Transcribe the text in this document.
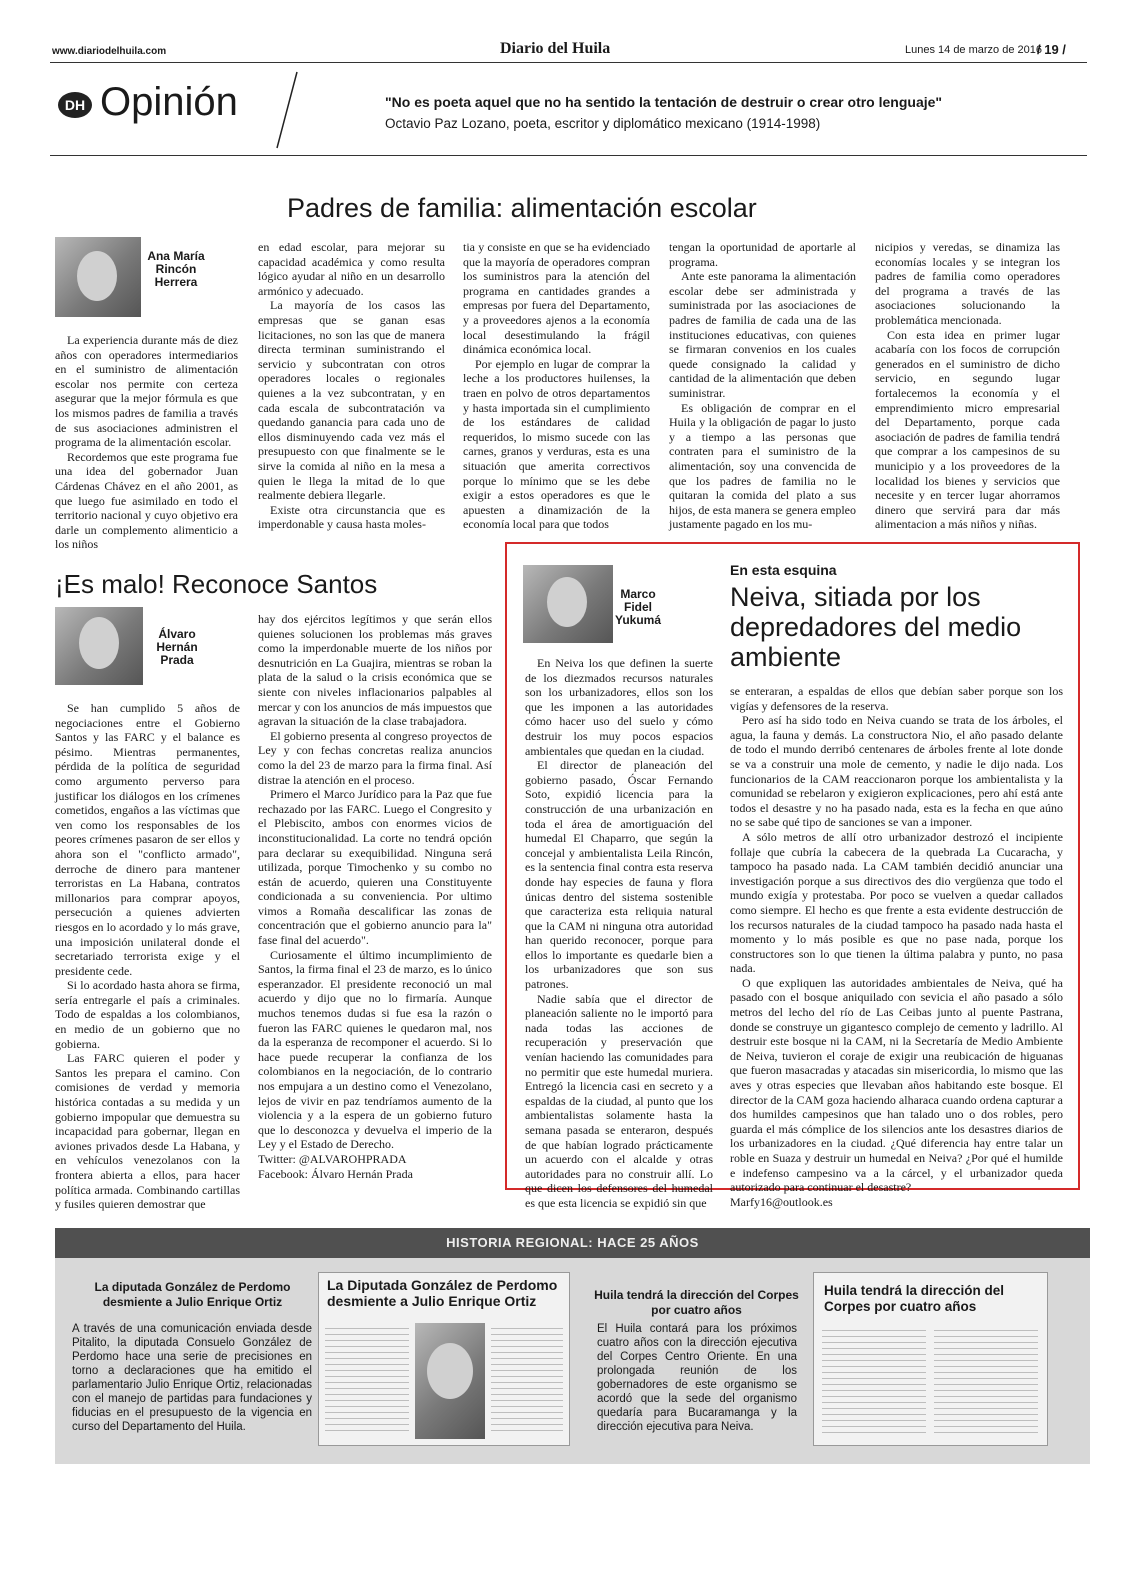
www.diariodelhuila.com	Diario del Huila	Lunes 14 de marzo de 2016
/ 19 /
DH Opinión	"No es poeta aquel que no ha sentido la tentación de destruir o crear otro lenguaje"
Octavio Paz Lozano, poeta, escritor y diplomático mexicano (1914-1998)
Padres de familia: alimentación escolar
Ana María Rincón Herrera

La experiencia durante más de diez años con operadores intermediarios en el suministro de alimentación escolar nos permite con certeza asegurar que la mejor fórmula es que los mismos padres de familia a través de sus asociaciones administren el programa de la alimentación escolar.

Recordemos que este programa fue una idea del gobernador Juan Cárdenas Chávez en el año 2001, as que luego fue asimilado en todo el territorio nacional y cuyo objetivo era darle un complemento alimenticio a los niños

en edad escolar, para mejorar su capacidad académica y como resulta lógico ayudar al niño en un desarrollo armónico y adecuado.

La mayoría de los casos las empresas que se ganan esas licitaciones, no son las que de manera directa terminan suministrando el servicio y subcontratan con otros operadores locales o regionales quienes a la vez subcontratan, y en cada escala de subcontratación va quedando ganancia para cada uno de ellos disminuyendo cada vez más el presupuesto con que finalmente se le sirve la comida al niño en la mesa a quien le llega la mitad de lo que realmente debiera llegarle.

Existe otra circunstancia que es imperdonable y causa hasta moles-

tia y consiste en que se ha evidenciado que la mayoría de operadores compran los suministros para la atención del programa en cantidades grandes a empresas por fuera del Departamento, y a proveedores ajenos a la economía local desestimulando la frágil dinámica económica local.

Por ejemplo en lugar de comprar la leche a los productores huilenses, la traen en polvo de otros departamentos y hasta importada sin el cumplimiento de los estándares de calidad requeridos, lo mismo sucede con las carnes, granos y verduras, esta es una situación que amerita correctivos porque lo mínimo que se les debe exigir a estos operadores es que le apuesten a dinamización de la economía local para que todos

tengan la oportunidad de aportarle al programa.

Ante este panorama la alimentación escolar debe ser administrada y suministrada por las asociaciones de padres de familia de cada una de las instituciones educativas, con quienes se firmaran convenios en los cuales quede consignado la calidad y cantidad de la alimentación que deben suministrar.

Es obligación de comprar en el Huila y la obligación de pagar lo justo y a tiempo a las personas que contraten para el suministro de la alimentación, soy una convencida de que los padres de familia no le quitaran la comida del plato a sus hijos, de esta manera se genera empleo justamente pagado en los mu-

nicipios y veredas, se dinamiza las economías locales y se integran los padres de familia como operadores del programa a través de las asociaciones solucionando la problemática mencionada.

Con esta idea en primer lugar acabaría con los focos de corrupción generados en el suministro de dicho servicio, en segundo lugar fortalecemos la economía y el emprendimiento micro empresarial del Departamento, porque cada asociación de padres de familia tendrá que comprar a los campesinos de su municipio y a los proveedores de la localidad los bienes y servicios que necesite y en tercer lugar ahorramos dinero que servirá para dar más alimentacion a más niños y niñas.

¡Es malo! Reconoce Santos
Álvaro Hernán Prada

Se han cumplido 5 años de negociaciones entre el Gobierno Santos y las FARC y el balance es pésimo. Mientras permanentes, pérdida de la política de seguridad como argumento perverso para justificar los diálogos en los crímenes cometidos, engaños a las víctimas que ven como los responsables de los peores crímenes pasaron de ser ellos y ahora son el "conflicto armado", derroche de dinero para mantener terroristas en La Habana, contratos millonarios para comprar apoyos, persecución a quienes advierten riesgos en lo acordado y lo más grave, una imposición unilateral donde el secretariado terrorista exige y el presidente cede.

Si lo acordado hasta ahora se firma, sería entregarle el país a criminales. Todo de espaldas a los colombianos, en medio de un gobierno que no gobierna.

Las FARC quieren el poder y Santos les prepara el camino. Con comisiones de verdad y memoria histórica contadas a su medida y un gobierno impopular que demuestra su incapacidad para gobernar, llegan en aviones privados desde La Habana, y en vehículos venezolanos con la frontera abierta a ellos, para hacer política armada. Combinando cartillas y fusiles quieren demostrar que

hay dos ejércitos legítimos y que serán ellos quienes solucionen los problemas más graves como la imperdonable muerte de los niños por desnutrición en La Guajira, mientras se roban la plata de la salud o la crisis económica que se siente con niveles inflacionarios palpables al mercar y con los anuncios de más impuestos que agravan la situación de la clase trabajadora.

El gobierno presenta al congreso proyectos de Ley y con fechas concretas realiza anuncios como la del 23 de marzo para la firma final. Así distrae la atención en el proceso.

Primero el Marco Jurídico para la Paz que fue rechazado por las FARC. Luego el Congresito y el Plebiscito, ambos con enormes vicios de inconstitucionalidad. La corte no tendrá opción para declarar su exequibilidad. Ninguna será utilizada, porque Timochenko y su combo no están de acuerdo, quieren una Constituyente condicionada a su conveniencia. Por ultimo vimos a Romaña descalificar las zonas de concentración que el gobierno anuncio para la" fase final del acuerdo".

Curiosamente el último incumplimiento de Santos, la firma final el 23 de marzo, es lo único esperanzador. El presidente reconoció un mal acuerdo y dijo que no lo firmaría. Aunque muchos tenemos dudas si fue esa la razón o fueron las FARC quienes le quedaron mal, nos da la esperanza de recomponer el acuerdo. Si lo hace puede recuperar la confianza de los colombianos en la negociación, de lo contrario nos empujara a un destino como el Venezolano, lejos de vivir en paz tendríamos aumento de la violencia y a la espera de un gobierno futuro que lo desconozca y devuelva el imperio de la Ley y el Estado de Derecho.

Twitter: @ALVAROHPRADA

Facebook: Álvaro Hernán Prada

Marco Fidel Yukumá
En esta esquina
Neiva, sitiada por los depredadores del medio ambiente

En Neiva los que definen la suerte de los diezmados recursos naturales son los urbanizadores, ellos son los que les imponen a las autoridades cómo hacer uso del suelo y cómo destruir los muy pocos espacios ambientales que quedan en la ciudad.

El director de planeación del gobierno pasado, Óscar Fernando Soto, expidió licencia para la construcción de una urbanización en toda el área de amortiguación del humedal El Chaparro, que según la concejal y ambientalista Leila Rincón, es la sentencia final contra esta reserva donde hay especies de fauna y flora únicas dentro del sistema sostenible que caracteriza esta reliquia natural que la CAM ni ninguna otra autoridad han querido reconocer, porque para ellos lo importante es quedarle bien a los urbanizadores que son sus patrones.

Nadie sabía que el director de planeación saliente no le importó para nada todas las acciones de recuperación y preservación que venían haciendo las comunidades para no permitir que este humedal muriera. Entregó la licencia casi en secreto y a espaldas de la ciudad, al punto que los ambientalistas solamente hasta la semana pasada se enteraron, después de que habían logrado prácticamente un acuerdo con el alcalde y otras autoridades para no construir allí. Lo que dicen los defensores del humedal es que esta licencia se expidió sin que

se enteraran, a espaldas de ellos que debían saber porque son los vigías y defensores de la reserva.

Pero así ha sido todo en Neiva cuando se trata de los árboles, el agua, la fauna y demás. La constructora Nio, el año pasado delante de todo el mundo derribó centenares de árboles frente al lote donde se va a construir una mole de cemento, y nadie le dijo nada. Los funcionarios de la CAM reaccionaron porque los ambientalista y la comunidad se rebelaron y exigieron explicaciones, pero ahí está ante todos el desastre y no ha pasado nada, esta es la fecha en que aúno no se sabe qué tipo de sanciones se van a imponer.

A sólo metros de allí otro urbanizador destrozó el incipiente follaje que cubría la cabecera de la quebrada La Cucaracha, y tampoco ha pasado nada. La CAM también decidió anunciar una investigación porque a sus directivos des dio vergüenza que todo el mundo exigía y protestaba. Por poco se vuelven a quedar callados como siempre. El hecho es que frente a esta evidente destrucción de los recursos naturales de la ciudad tampoco ha pasado nada hasta el momento y lo más posible es que no pase nada, porque los constructores son lo que tienen la última palabra y punto, no pasa nada.

O que expliquen las autoridades ambientales de Neiva, qué ha pasado con el bosque aniquilado con sevicia el año pasado a sólo metros del lecho del río de Las Ceibas junto al puente Pastrana, donde se construye un gigantesco complejo de cemento y ladrillo. Al destruir este bosque ni la CAM, ni la Secretaría de Medio Ambiente de Neiva, tuvieron el coraje de exigir una reubicación de higuanas que fueron masacradas y atacadas sin misericordia, lo mismo que las aves y otras especies que llevaban años habitando este bosque. El director de la CAM goza haciendo alharaca cuando ordena capturar a dos humildes campesinos que han talado uno o dos robles, pero guarda el más cómplice de los silencios ante los desastres diarios de los urbanizadores en la ciudad. ¿Qué diferencia hay entre talar un roble en Suaza y destruir un humedal en Neiva? ¿Por qué el humilde e indefenso campesino va a la cárcel, y el urbanizador queda autorizado para continuar el desastre?

Marfy16@outlook.es

HISTORIA REGIONAL: HACE 25 AÑOS
La diputada González de Perdomo desmiente a Julio Enrique Ortiz
A través de una comunicación enviada desde Pitalito, la diputada Consuelo González de Perdomo hace una serie de precisiones en torno a declaraciones que ha emitido el parlamentario Julio Enrique Ortiz, relacionadas con el manejo de partidas para fundaciones y fiducias en el presupuesto de la vigencia en curso del Departamento del Huila.
La Diputada González de Perdomo desmiente a Julio Enrique Ortiz	Huila tendrá la dirección del Corpes por cuatro años
El Huila contará para los próximos cuatro años con la dirección ejecutiva del Corpes Centro Oriente. En una prolongada reunión de los gobernadores de este organismo se acordó que la sede del organismo quedaría para Bucaramanga y la dirección ejecutiva para Neiva.
Huila tendrá la dirección del Corpes por cuatro años
